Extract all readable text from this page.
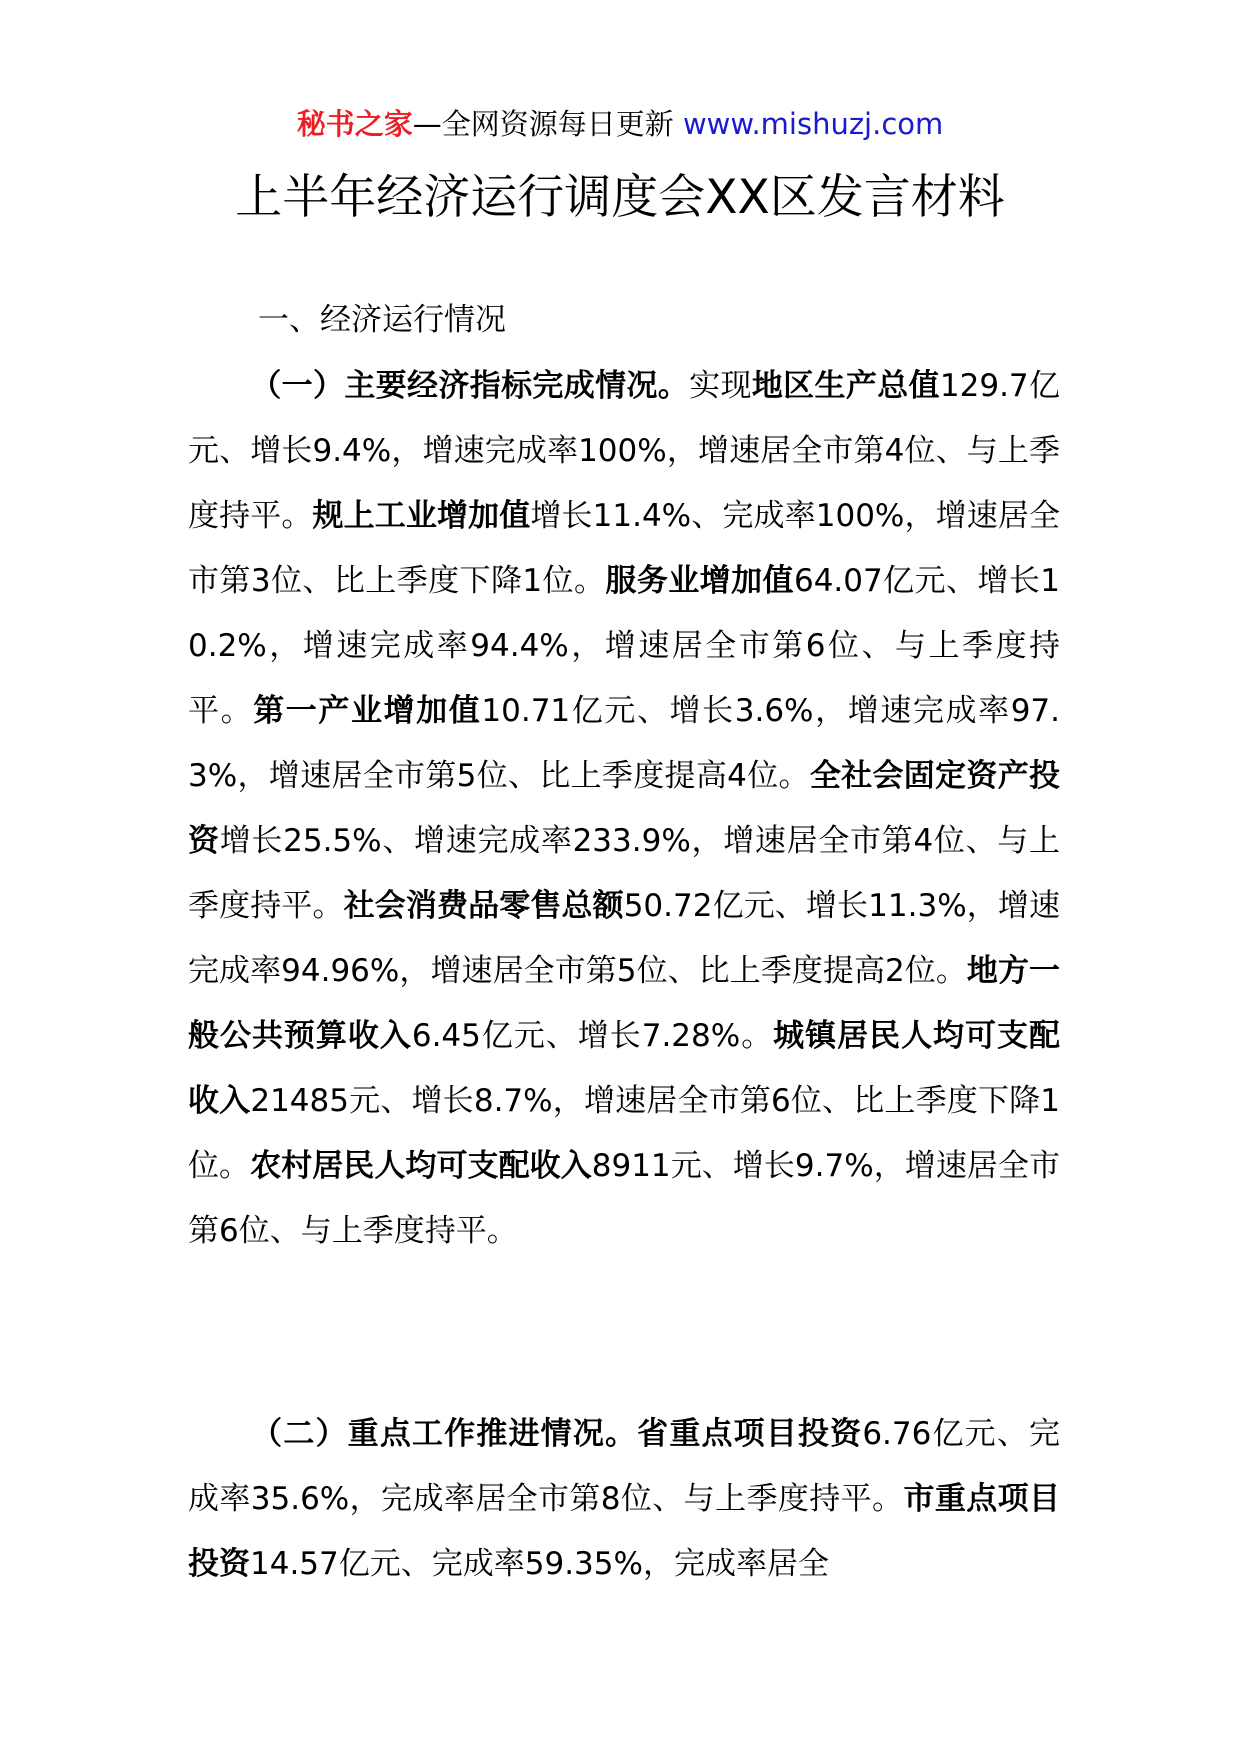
秘书之家—全网资源每日更新 www.mishuzj.com
上半年经济运行调度会XX区发言材料
一、经济运行情况

（一）主要经济指标完成情况。实现地区生产总值129.7亿元、增长9.4%，增速完成率100%，增速居全市第4位、与上季度持平。规上工业增加值增长11.4%、完成率100%，增速居全市第3位、比上季度下降1位。服务业增加值64.07亿元、增长10.2%，增速完成率94.4%，增速居全市第6位、与上季度持平。第一产业增加值10.71亿元、增长3.6%，增速完成率97.3%，增速居全市第5位、比上季度提高4位。全社会固定资产投资增长25.5%、增速完成率233.9%，增速居全市第4位、与上季度持平。社会消费品零售总额50.72亿元、增长11.3%，增速完成率94.96%，增速居全市第5位、比上季度提高2位。地方一般公共预算收入6.45亿元、增长7.28%。城镇居民人均可支配收入21485元、增长8.7%，增速居全市第6位、比上季度下降1位。农村居民人均可支配收入8911元、增长9.7%，增速居全市第6位、与上季度持平。

（二）重点工作推进情况。省重点项目投资6.76亿元、完成率35.6%，完成率居全市第8位、与上季度持平。市重点项目投资14.57亿元、完成率59.35%，完成率居全
